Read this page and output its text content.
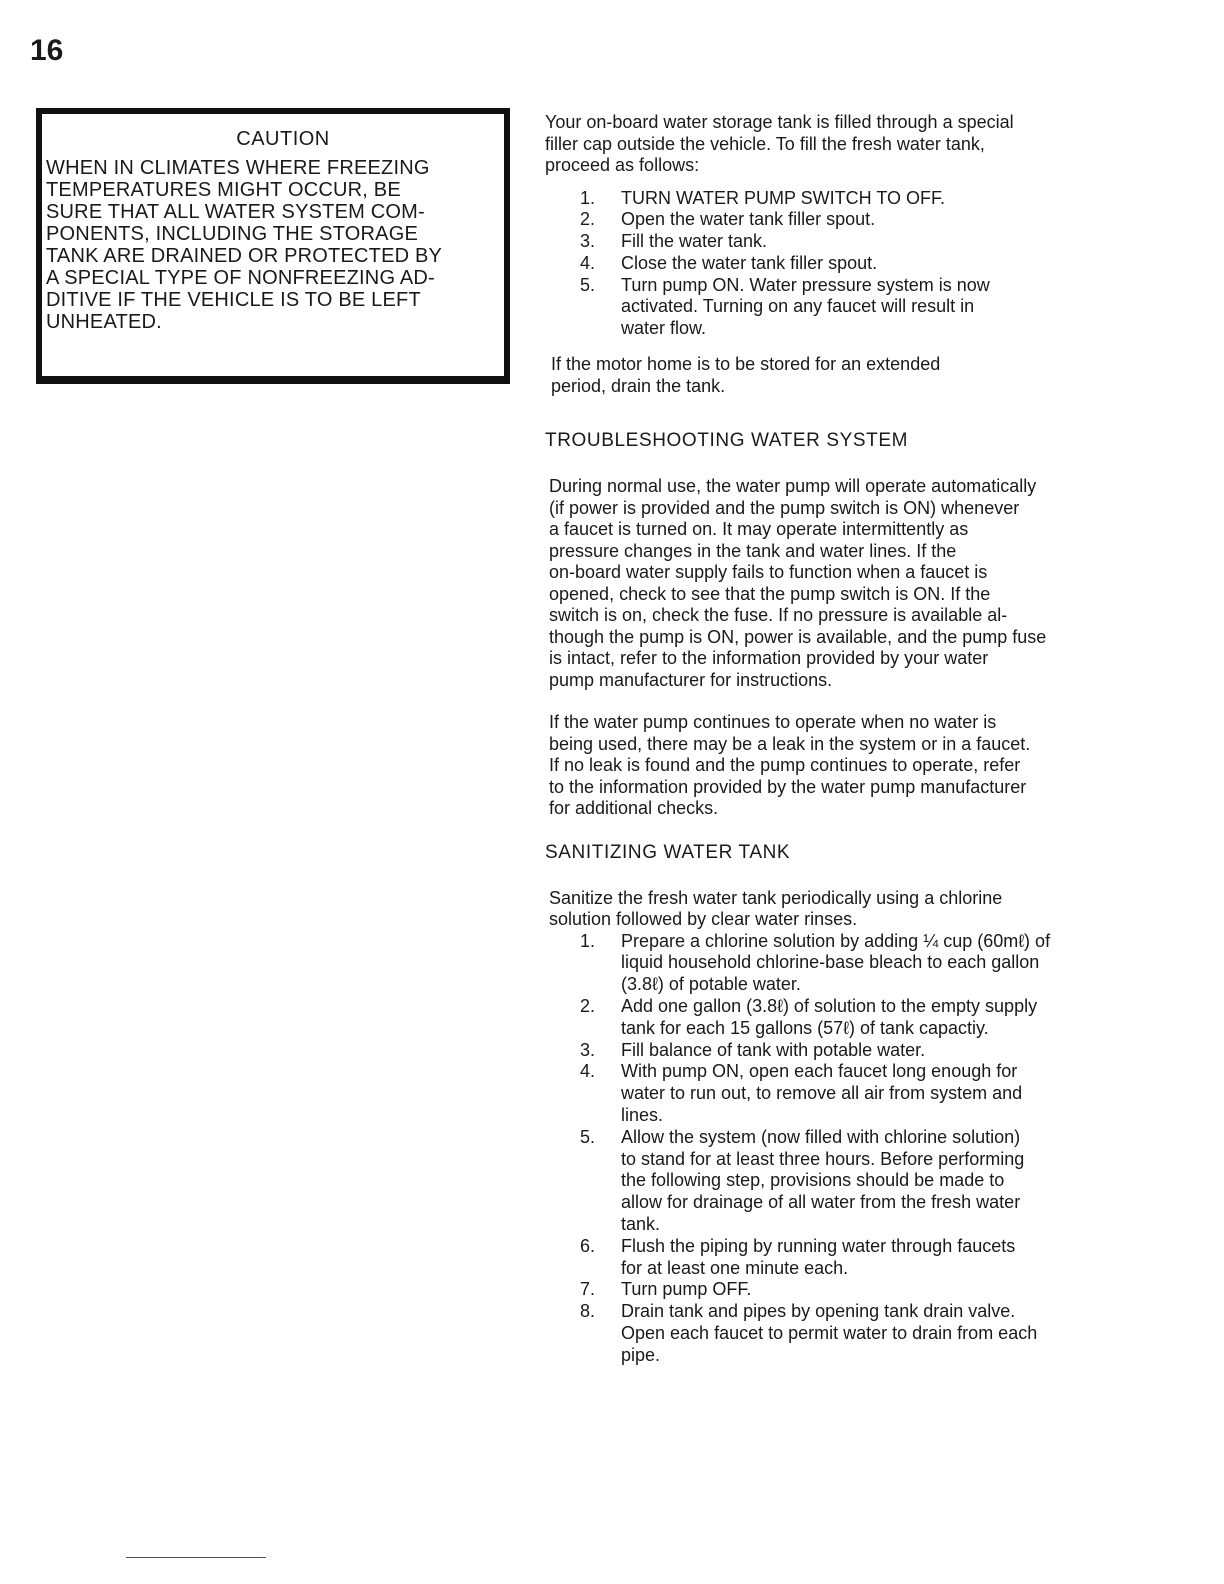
16

CAUTION

WHEN IN CLIMATES WHERE FREEZING
TEMPERATURES MIGHT OCCUR, BE
SURE THAT ALL WATER SYSTEM COM-
PONENTS, INCLUDING THE STORAGE
TANK ARE DRAINED OR PROTECTED BY
A SPECIAL TYPE OF NONFREEZING AD-
DITIVE IF THE VEHICLE IS TO BE LEFT
UNHEATED.

Your on-board water storage tank is filled through a special
filler cap outside the vehicle. To fill the fresh water tank,
proceed as follows:

1.	TURN WATER PUMP SWITCH TO OFF.
2.	Open the water tank filler spout.
3.	Fill the water tank.
4.	Close the water tank filler spout.
5.	Turn pump ON. Water pressure system is now
activated. Turning on any faucet will result in
water flow.

If the motor home is to be stored for an extended
period, drain the tank.

TROUBLESHOOTING WATER SYSTEM

During normal use, the water pump will operate automatically
(if power is provided and the pump switch is ON) whenever
a faucet is turned on. It may operate intermittently as
pressure changes in the tank and water lines. If the
on-board water supply fails to function when a faucet is
opened, check to see that the pump switch is ON. If the
switch is on, check the fuse. If no pressure is available al-
though the pump is ON, power is available, and the pump fuse
is intact, refer to the information provided by your water
pump manufacturer for instructions.

If the water pump continues to operate when no water is
being used, there may be a leak in the system or in a faucet.
If no leak is found and the pump continues to operate, refer
to the information provided by the water pump manufacturer
for additional checks.

SANITIZING WATER TANK

Sanitize the fresh water tank periodically using a chlorine
solution followed by clear water rinses.

1.	Prepare a chlorine solution by adding ¼ cup (60mℓ) of
liquid household chlorine-base bleach to each gallon
(3.8ℓ) of potable water.
2.	Add one gallon (3.8ℓ) of solution to the empty supply
tank for each 15 gallons (57ℓ) of tank capactiy.
3.	Fill balance of tank with potable water.
4.	With pump ON, open each faucet long enough for
water to run out, to remove all air from system and
lines.
5.	Allow the system (now filled with chlorine solution)
to stand for at least three hours. Before performing
the following step, provisions should be made to
allow for drainage of all water from the fresh water
tank.
6.	Flush the piping by running water through faucets
for at least one minute each.
7.	Turn pump OFF.
8.	Drain tank and pipes by opening tank drain valve.
Open each faucet to permit water to drain from each
pipe.
